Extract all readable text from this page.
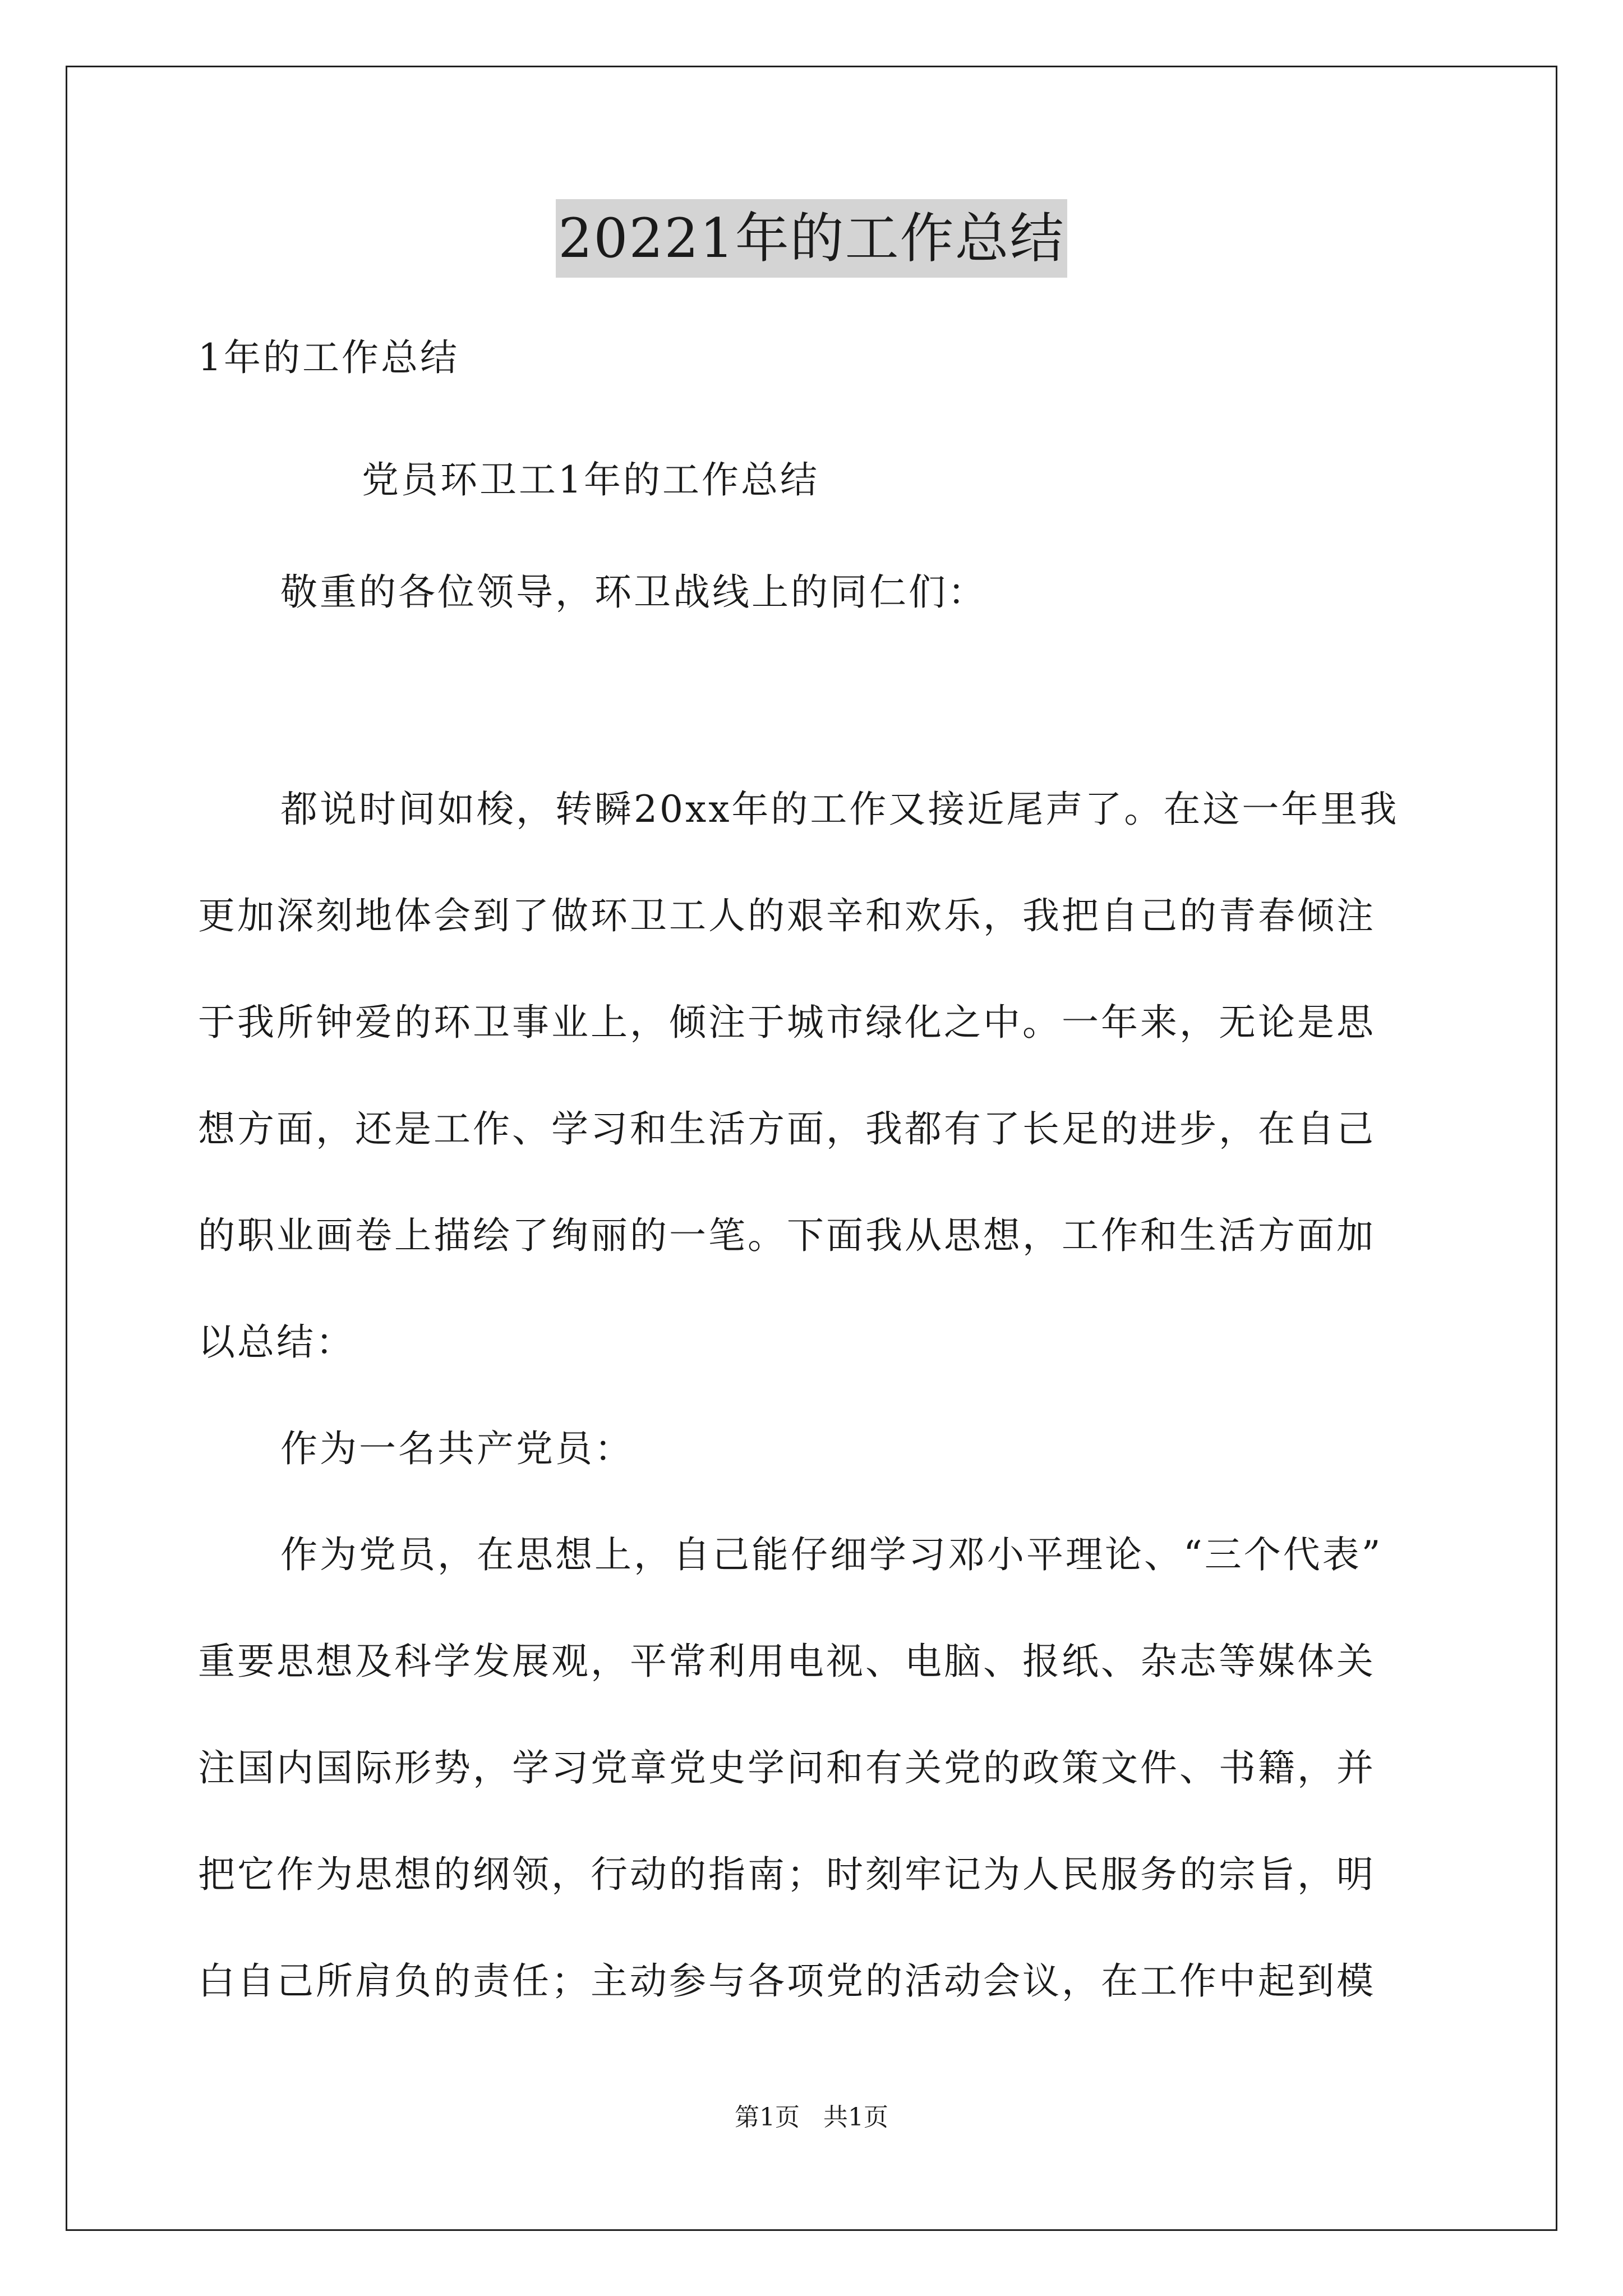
20221年的工作总结
1年的工作总结
党员环卫工1年的工作总结
敬重的各位领导，环卫战线上的同仁们：
都说时间如梭，转瞬20xx年的工作又接近尾声了。在这一年里我
更加深刻地体会到了做环卫工人的艰辛和欢乐，我把自己的青春倾注
于我所钟爱的环卫事业上，倾注于城市绿化之中。一年来，无论是思
想方面，还是工作、学习和生活方面，我都有了长足的进步，在自己
的职业画卷上描绘了绚丽的一笔。下面我从思想，工作和生活方面加
以总结：
作为一名共产党员：
作为党员，在思想上，自己能仔细学习邓小平理论、“三个代表”
重要思想及科学发展观，平常利用电视、电脑、报纸、杂志等媒体关
注国内国际形势，学习党章党史学问和有关党的政策文件、书籍，并
把它作为思想的纲领，行动的指南；时刻牢记为人民服务的宗旨，明
白自己所肩负的责任；主动参与各项党的活动会议，在工作中起到模
第1页 共1页
